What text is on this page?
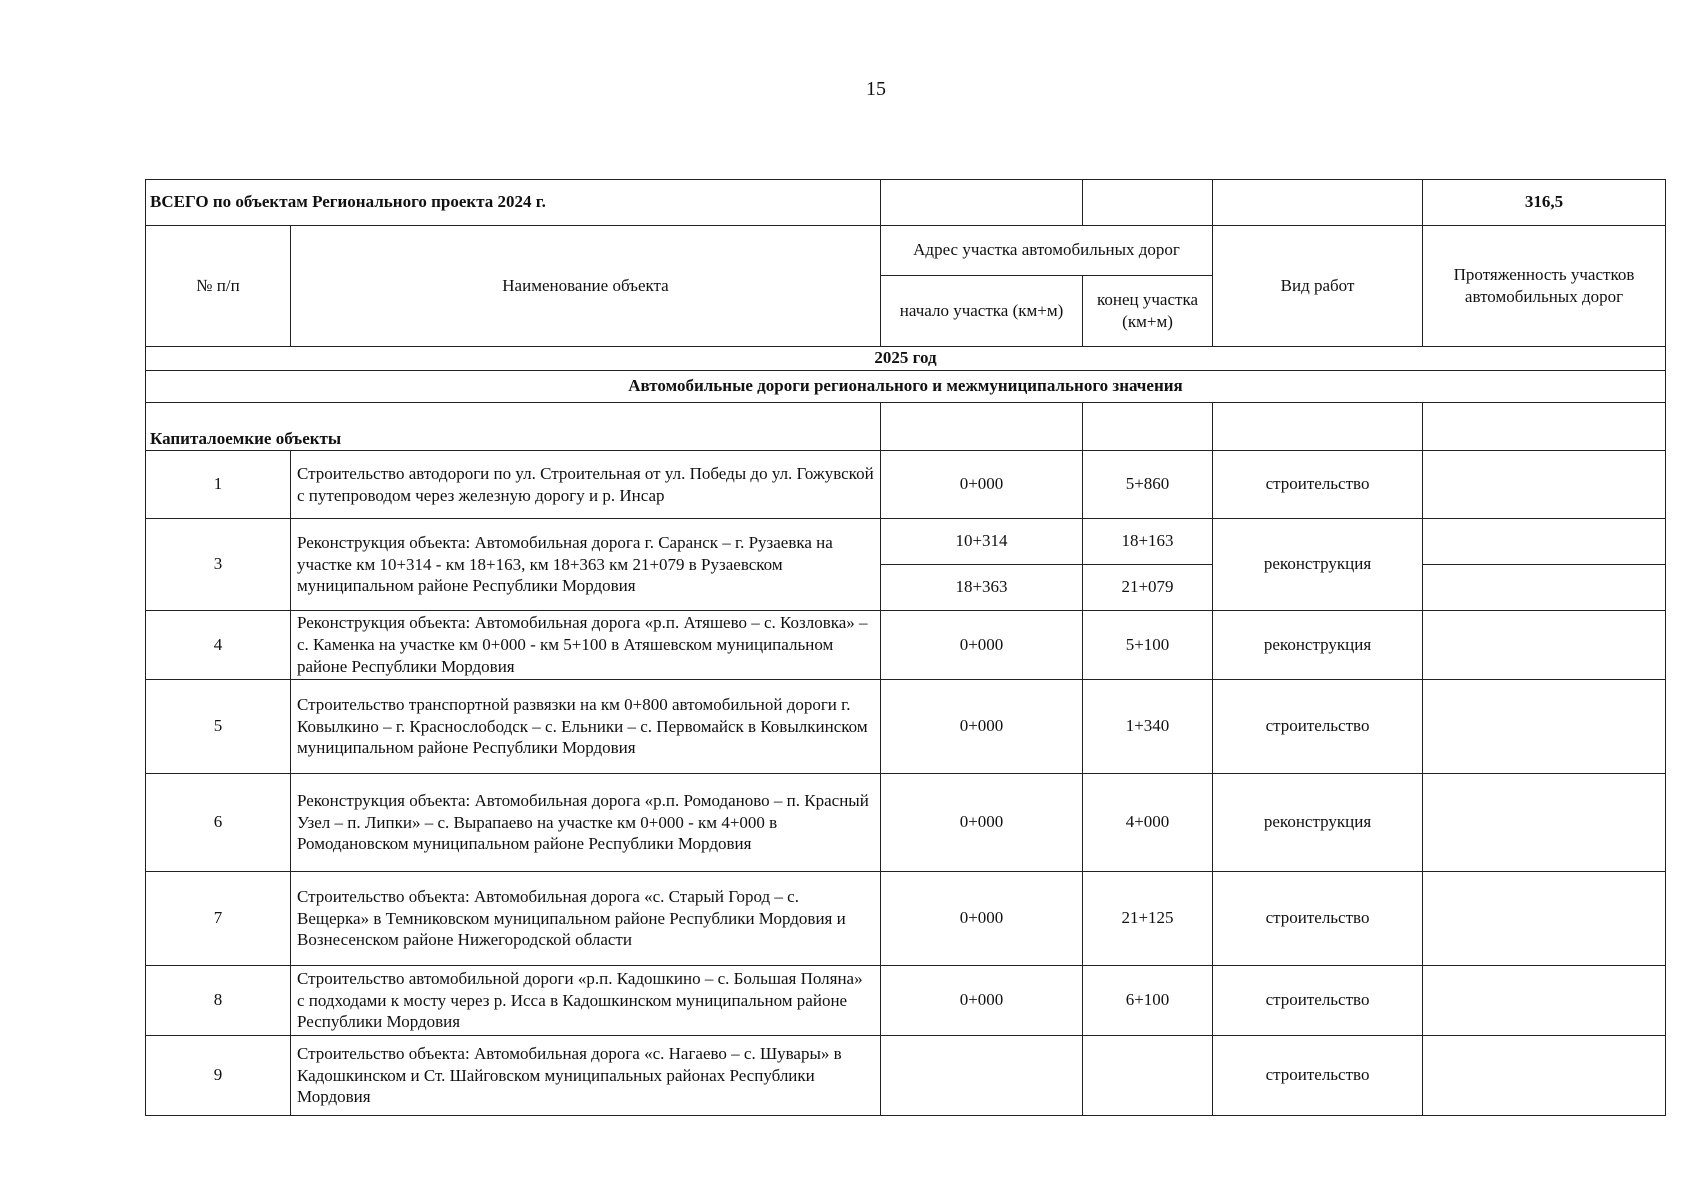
15
ВСЕГО по объектам Регионального проекта 2024 г.					316,5
№ п/п	Наименование объекта	Адрес участка автомобильных дорог		Вид работ	Протяженность участков автомобильных дорог
		начало участка (км+м)	конец участка (км+м)		
2025 год					
Автомобильные дороги регионального и межмуниципального значения					
Капиталоемкие объекты					
1	Строительство автодороги по ул. Строительная от ул. Победы до ул. Гожувской с путепроводом через железную дорогу и р. Инсар	0+000	5+860	строительство	
3	Реконструкция объекта: Автомобильная дорога г. Саранск – г. Рузаевка на участке км 10+314 - км 18+163, км 18+363 км 21+079 в Рузаевском муниципальном районе Республики Мордовия	10+314	18+163	реконструкция	
		18+363	21+079		
4	Реконструкция объекта: Автомобильная дорога «р.п. Атяшево – с. Козловка» – с. Каменка на участке км 0+000 - км 5+100 в Атяшевском муниципальном районе Республики Мордовия	0+000	5+100	реконструкция	
5	Строительство транспортной развязки на км 0+800 автомобильной дороги г. Ковылкино – г. Краснослободск – с. Ельники – с. Первомайск в Ковылкинском муниципальном районе Республики Мордовия	0+000	1+340	строительство	
6	Реконструкция объекта: Автомобильная дорога «р.п. Ромоданово – п. Красный Узел – п. Липки» – с. Вырапаево на участке км 0+000 - км 4+000 в Ромодановском муниципальном районе Республики Мордовия	0+000	4+000	реконструкция	
7	Строительство объекта: Автомобильная дорога «с. Старый Город – с. Вещерка» в Темниковском муниципальном районе Республики Мордовия и Вознесенском районе Нижегородской области	0+000	21+125	строительство	
8	Строительство автомобильной дороги «р.п. Кадошкино – с. Большая Поляна» с подходами к мосту через р. Исса в Кадошкинском муниципальном районе Республики Мордовия	0+000	6+100	строительство	
9	Строительство объекта: Автомобильная дорога «с. Нагаево – с. Шувары» в Кадошкинском и Ст. Шайговском муниципальных районах Республики Мордовия			строительство	
